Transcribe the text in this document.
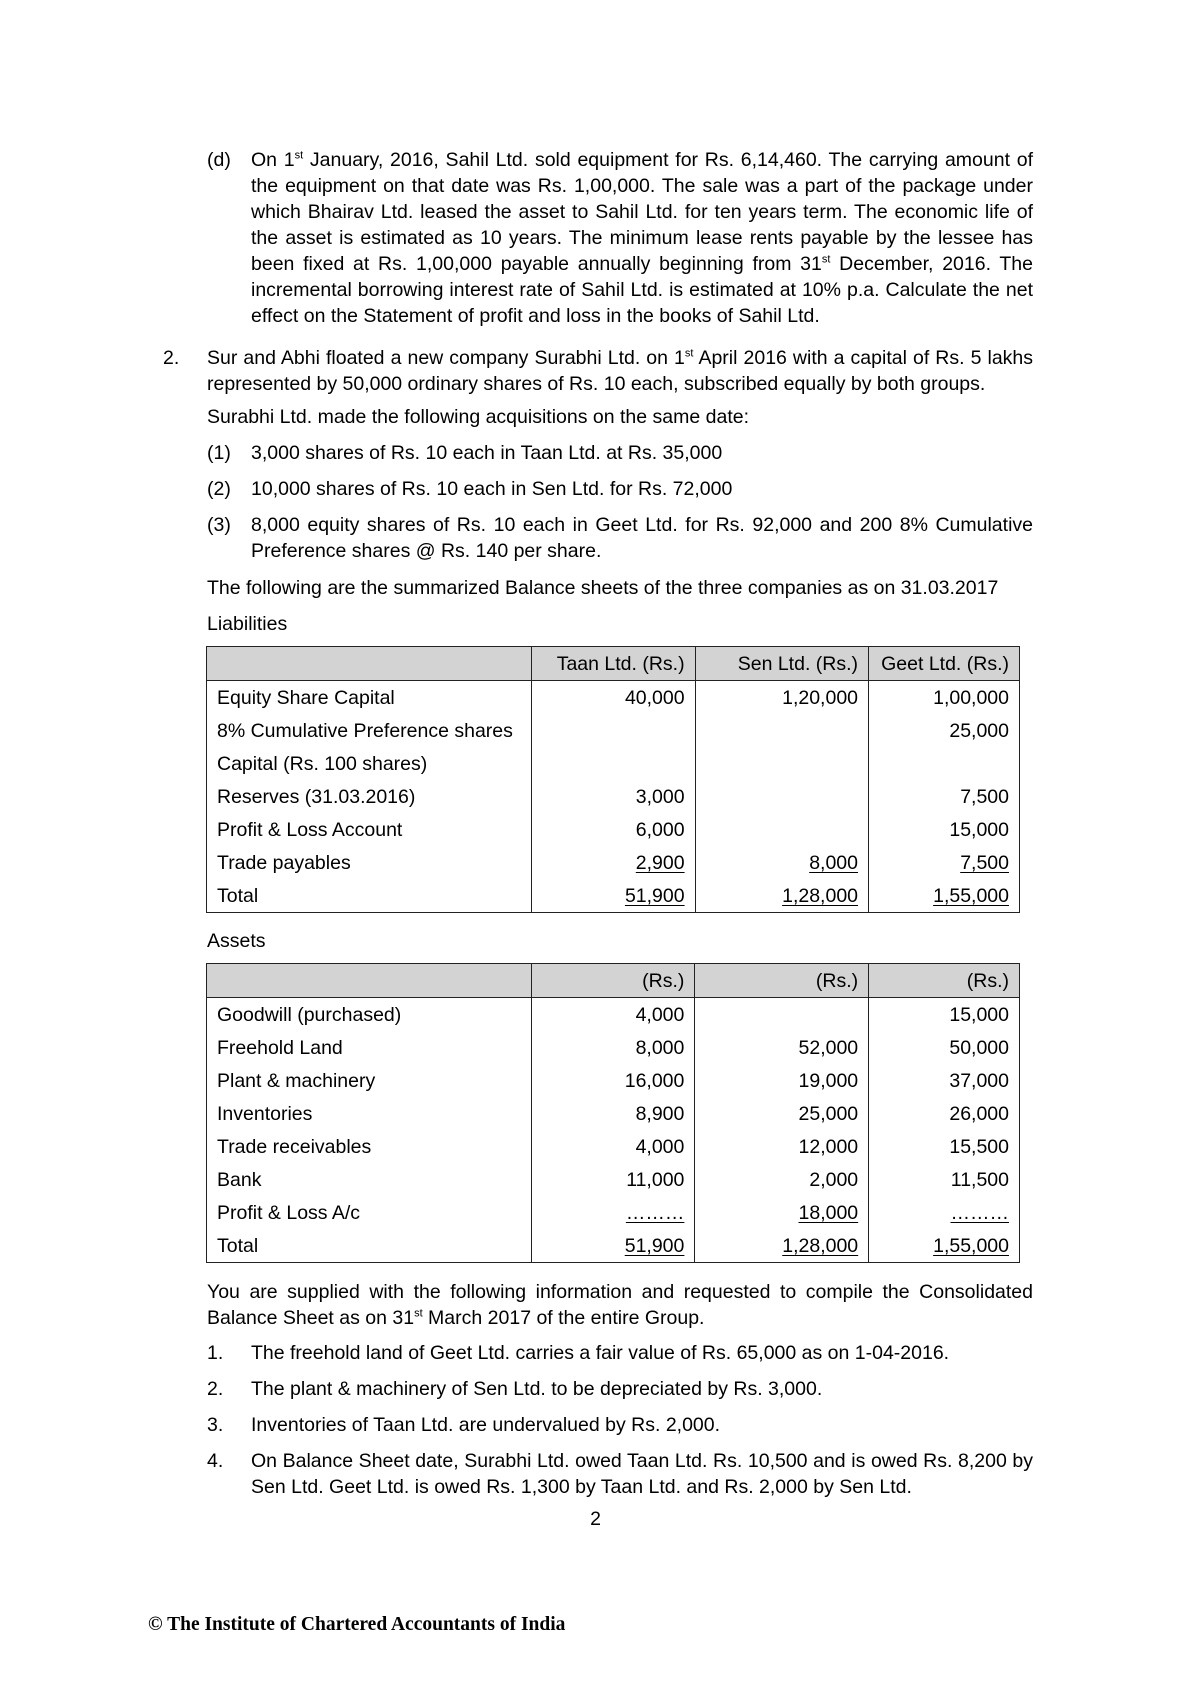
(d) On 1st January, 2016, Sahil Ltd. sold equipment for Rs. 6,14,460. The carrying amount of the equipment on that date was Rs. 1,00,000. The sale was a part of the package under which Bhairav Ltd. leased the asset to Sahil Ltd. for ten years term. The economic life of the asset is estimated as 10 years. The minimum lease rents payable by the lessee has been fixed at Rs. 1,00,000 payable annually beginning from 31st December, 2016. The incremental borrowing interest rate of Sahil Ltd. is estimated at 10% p.a. Calculate the net effect on the Statement of profit and loss in the books of Sahil Ltd.
2. Sur and Abhi floated a new company Surabhi Ltd. on 1st April 2016 with a capital of Rs. 5 lakhs represented by 50,000 ordinary shares of Rs. 10 each, subscribed equally by both groups.
Surabhi Ltd. made the following acquisitions on the same date:
(1) 3,000 shares of Rs. 10 each in Taan Ltd. at Rs. 35,000
(2) 10,000 shares of Rs. 10 each in Sen Ltd. for Rs. 72,000
(3) 8,000 equity shares of Rs. 10 each in Geet Ltd. for Rs. 92,000 and 200 8% Cumulative Preference shares @ Rs. 140 per share.
The following are the summarized Balance sheets of the three companies as on 31.03.2017
Liabilities
	Taan Ltd. (Rs.)	Sen Ltd. (Rs.)	Geet Ltd. (Rs.)
Equity Share Capital	40,000	1,20,000	1,00,000
8% Cumulative Preference shares			25,000
Capital (Rs. 100 shares)			
Reserves (31.03.2016)	3,000		7,500
Profit & Loss Account	6,000		15,000
Trade payables	2,900	8,000	7,500
Total	51,900	1,28,000	1,55,000
Assets
	(Rs.)	(Rs.)	(Rs.)
Goodwill (purchased)	4,000		15,000
Freehold Land	8,000	52,000	50,000
Plant & machinery	16,000	19,000	37,000
Inventories	8,900	25,000	26,000
Trade receivables	4,000	12,000	15,500
Bank	11,000	2,000	11,500
Profit & Loss A/c	………	18,000	………
Total	51,900	1,28,000	1,55,000
You are supplied with the following information and requested to compile the Consolidated Balance Sheet as on 31st March 2017 of the entire Group.
1. The freehold land of Geet Ltd. carries a fair value of Rs. 65,000 as on 1-04-2016.
2. The plant & machinery of Sen Ltd. to be depreciated by Rs. 3,000.
3. Inventories of Taan Ltd. are undervalued by Rs. 2,000.
4. On Balance Sheet date, Surabhi Ltd. owed Taan Ltd. Rs. 10,500 and is owed Rs. 8,200 by Sen Ltd. Geet Ltd. is owed Rs. 1,300 by Taan Ltd. and Rs. 2,000 by Sen Ltd.
2
© The Institute of Chartered Accountants of India
